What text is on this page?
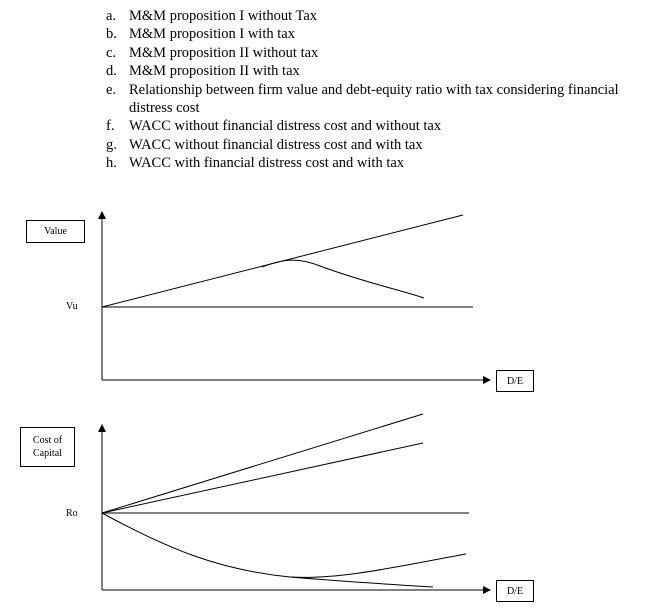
a. M&M proposition I without Tax
b. M&M proposition I with tax
c. M&M proposition II without tax
d. M&M proposition II with tax
e. Relationship between firm value and debt-equity ratio with tax considering financial distress cost
f.	WACC without financial distress cost and without tax
g. WACC without financial distress cost and with tax
h. WACC with financial distress cost and with tax
Value
Vu
D/E
Cost of Capital
Ro
D/E
